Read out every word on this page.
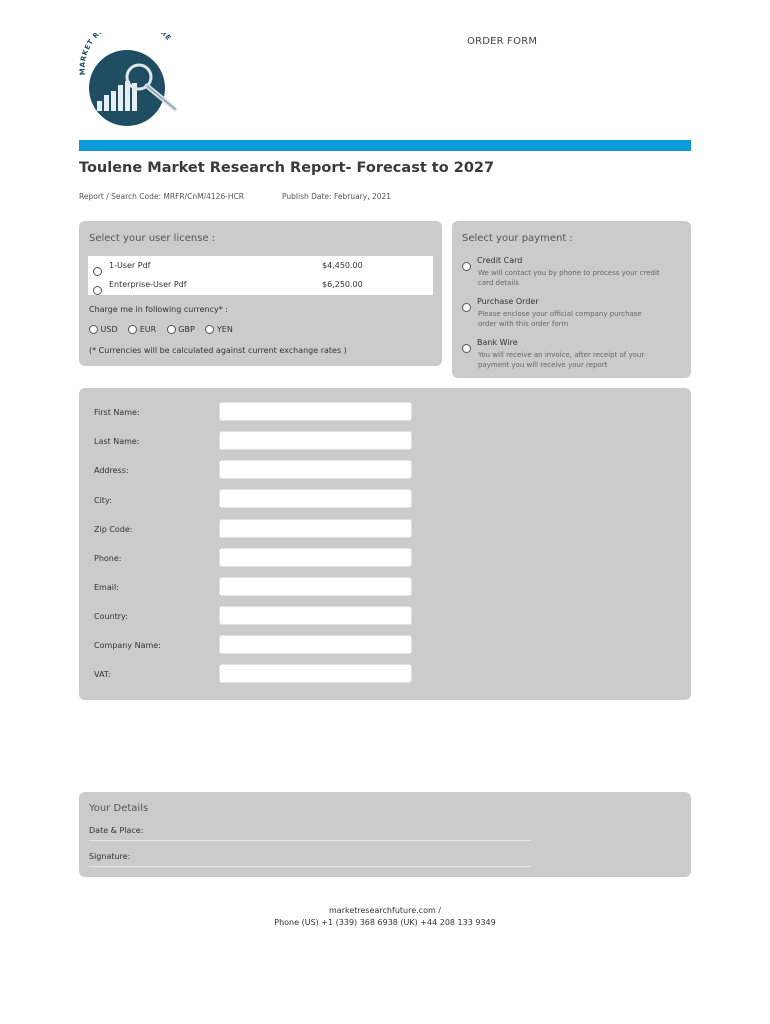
MARKET R RE	ORDER FORM
Toulene Market Research Report- Forecast to 2027
Report / Search Code: MRFR/CnM/4126-HCR	Publish Date: February, 2021
Select your user license :
1-User Pdf	$4,450.00
Enterprise-User Pdf	$6,250.00
Charge me in following currency* :
USD	EUR	GBP	YEN
(* Currencies will be calculated against current exchange rates )
Select your payment :
Credit Card
We will contact you by phone to process your credit
card details
Purchase Order
Please enclose your official company purchase
order with this order form
Bank Wire
You will receive an invoice, after receipt of your
payment you will receive your report
First Name:
Last Name:
Address:
City:
Zip Code:
Phone:
Email:
Country:
Company Name:
VAT:
Your Details
Date & Place:
Signature:
marketresearchfuture.com /
Phone (US) +1 (339) 368 6938 (UK) +44 208 133 9349
